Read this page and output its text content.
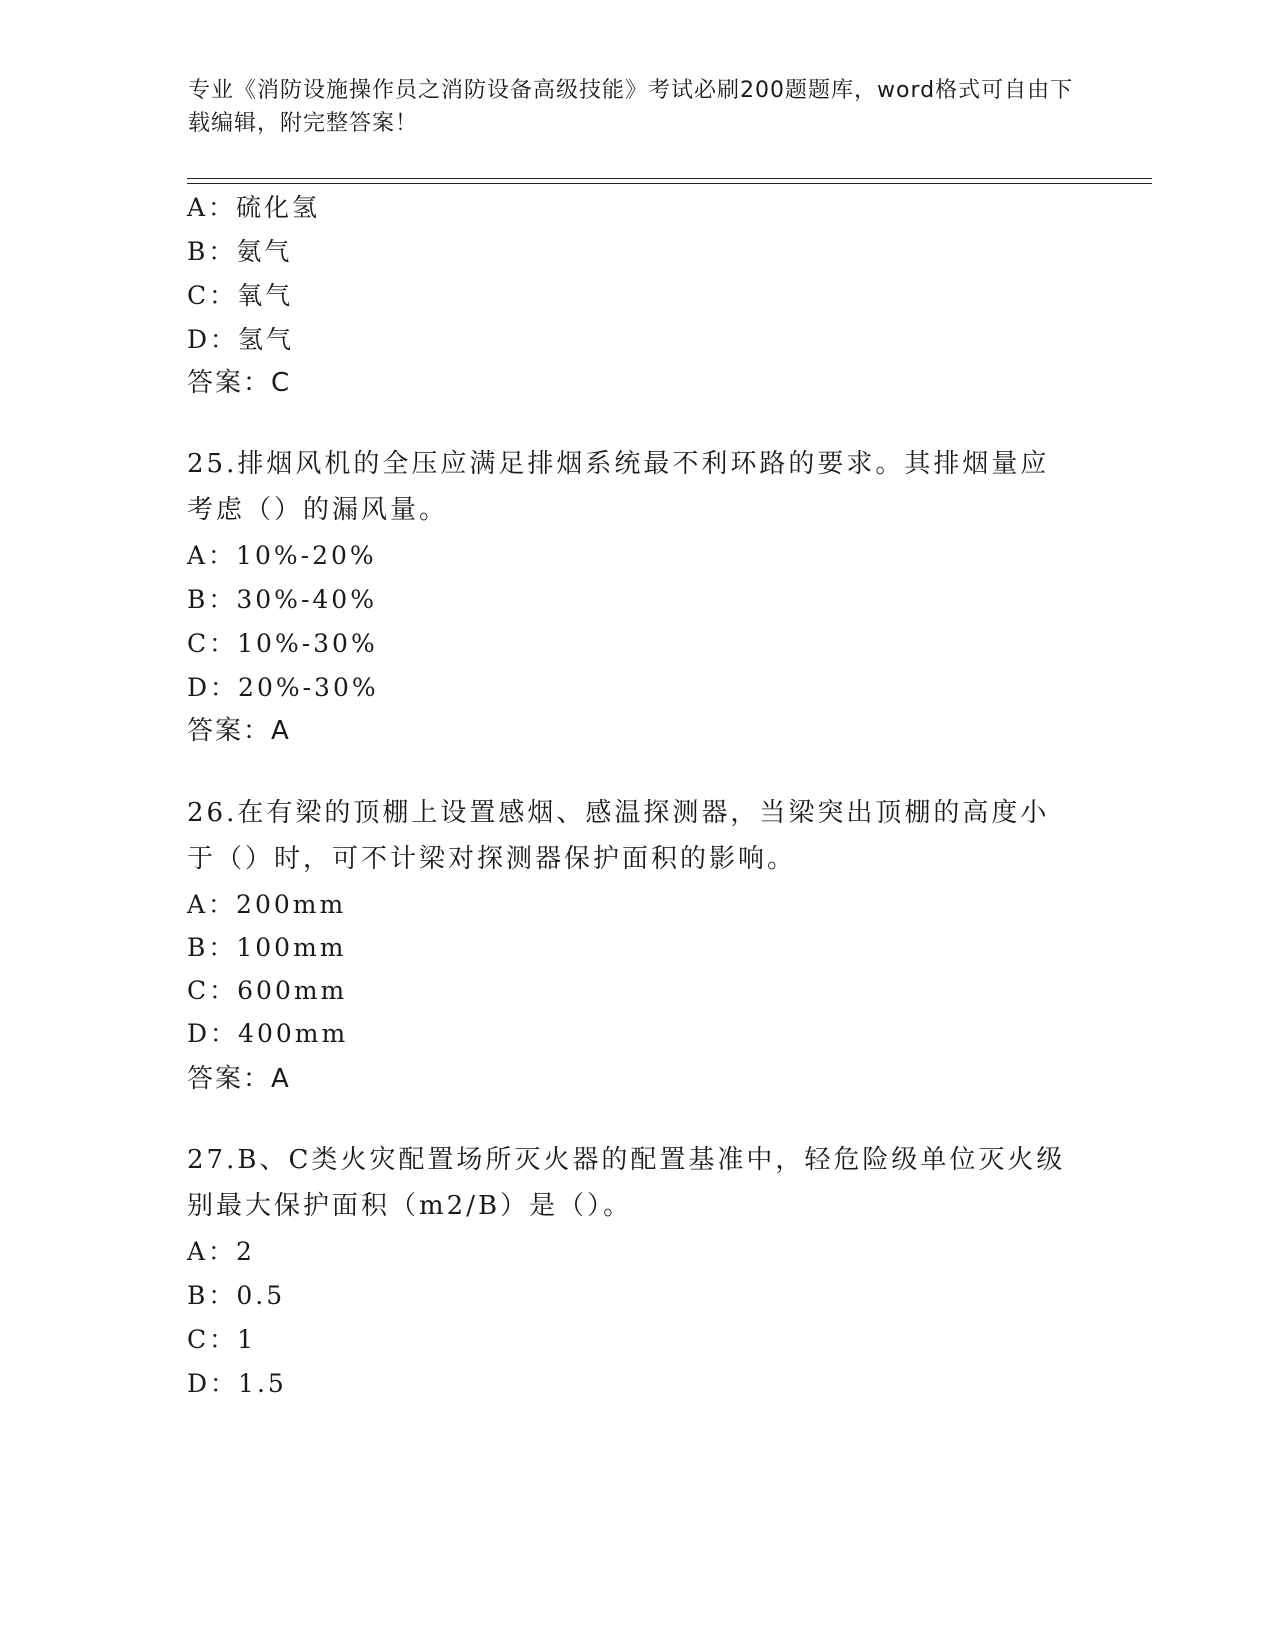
专业《消防设施操作员之消防设备高级技能》考试必刷200题题库，word格式可自由下载编辑，附完整答案！
A：硫化氢
B：氨气
C：氧气
D：氢气
答案：C
25.排烟风机的全压应满足排烟系统最不利环路的要求。其排烟量应考虑（）的漏风量。
A：10%-20%
B：30%-40%
C：10%-30%
D：20%-30%
答案：A
26.在有梁的顶棚上设置感烟、感温探测器，当梁突出顶棚的高度小于（）时，可不计梁对探测器保护面积的影响。
A：200mm
B：100mm
C：600mm
D：400mm
答案：A
27.B、C类火灾配置场所灭火器的配置基准中，轻危险级单位灭火级别最大保护面积（m2/B）是（）。
A：2
B：0.5
C：1
D：1.5
